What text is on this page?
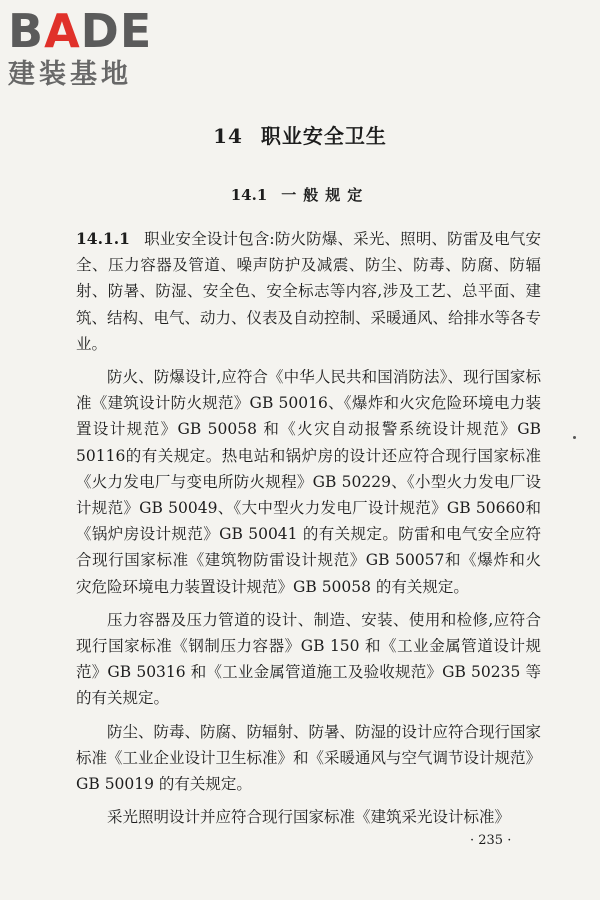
BADE
建装基地
14 职业安全卫生
14.1 一般规定

14.1.1 职业安全设计包含:防火防爆、采光、照明、防雷及电气安全、压力容器及管道、噪声防护及减震、防尘、防毒、防腐、防辐射、防暑、防湿、安全色、安全标志等内容,涉及工艺、总平面、建筑、结构、电气、动力、仪表及自动控制、采暖通风、给排水等各专业。

防火、防爆设计,应符合《中华人民共和国消防法》、现行国家标准《建筑设计防火规范》GB 50016、《爆炸和火灾危险环境电力装置设计规范》GB 50058 和《火灾自动报警系统设计规范》GB 50116的有关规定。热电站和锅炉房的设计还应符合现行国家标准《火力发电厂与变电所防火规程》GB 50229、《小型火力发电厂设计规范》GB 50049、《大中型火力发电厂设计规范》GB 50660和《锅炉房设计规范》GB 50041 的有关规定。防雷和电气安全应符合现行国家标准《建筑物防雷设计规范》GB 50057和《爆炸和火灾危险环境电力装置设计规范》GB 50058 的有关规定。

压力容器及压力管道的设计、制造、安装、使用和检修,应符合现行国家标准《钢制压力容器》GB 150 和《工业金属管道设计规范》GB 50316 和《工业金属管道施工及验收规范》GB 50235 等的有关规定。

防尘、防毒、防腐、防辐射、防暑、防湿的设计应符合现行国家标准《工业企业设计卫生标准》和《采暖通风与空气调节设计规范》GB 50019 的有关规定。

采光照明设计并应符合现行国家标准《建筑采光设计标准》

· 235 ·
